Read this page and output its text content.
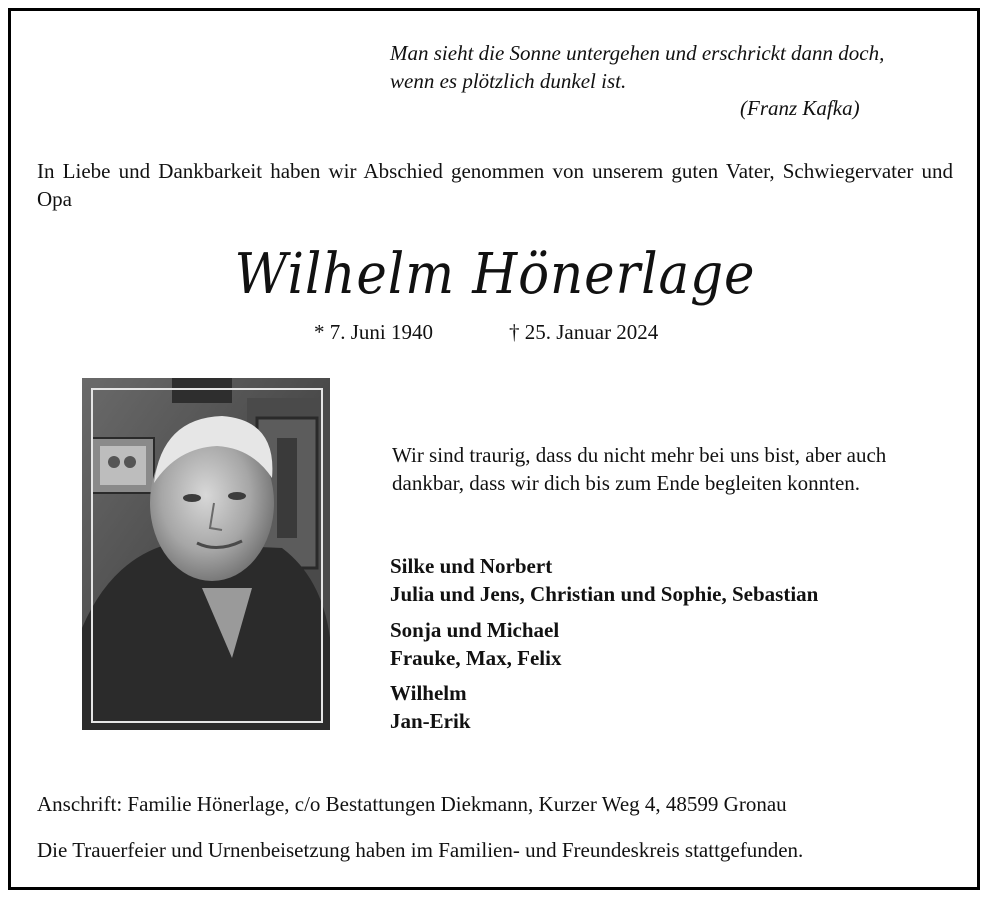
Man sieht die Sonne untergehen und erschrickt dann doch,
wenn es plötzlich dunkel ist.
(Franz Kafka)
In Liebe und Dankbarkeit haben wir Abschied genommen von unserem guten Vater, Schwiegervater und Opa
Wilhelm Hönerlage
* 7. Juni 1940	† 25. Januar 2024
Wir sind traurig, dass du nicht mehr bei uns bist, aber auch
dankbar, dass wir dich bis zum Ende begleiten konnten.
Silke und Norbert
Julia und Jens, Christian und Sophie, Sebastian
Sonja und Michael
Frauke, Max, Felix
Wilhelm
Jan-Erik
Anschrift: Familie Hönerlage, c/o Bestattungen Diekmann, Kurzer Weg 4, 48599 Gronau
Die Trauerfeier und Urnenbeisetzung haben im Familien- und Freundeskreis stattgefunden.
